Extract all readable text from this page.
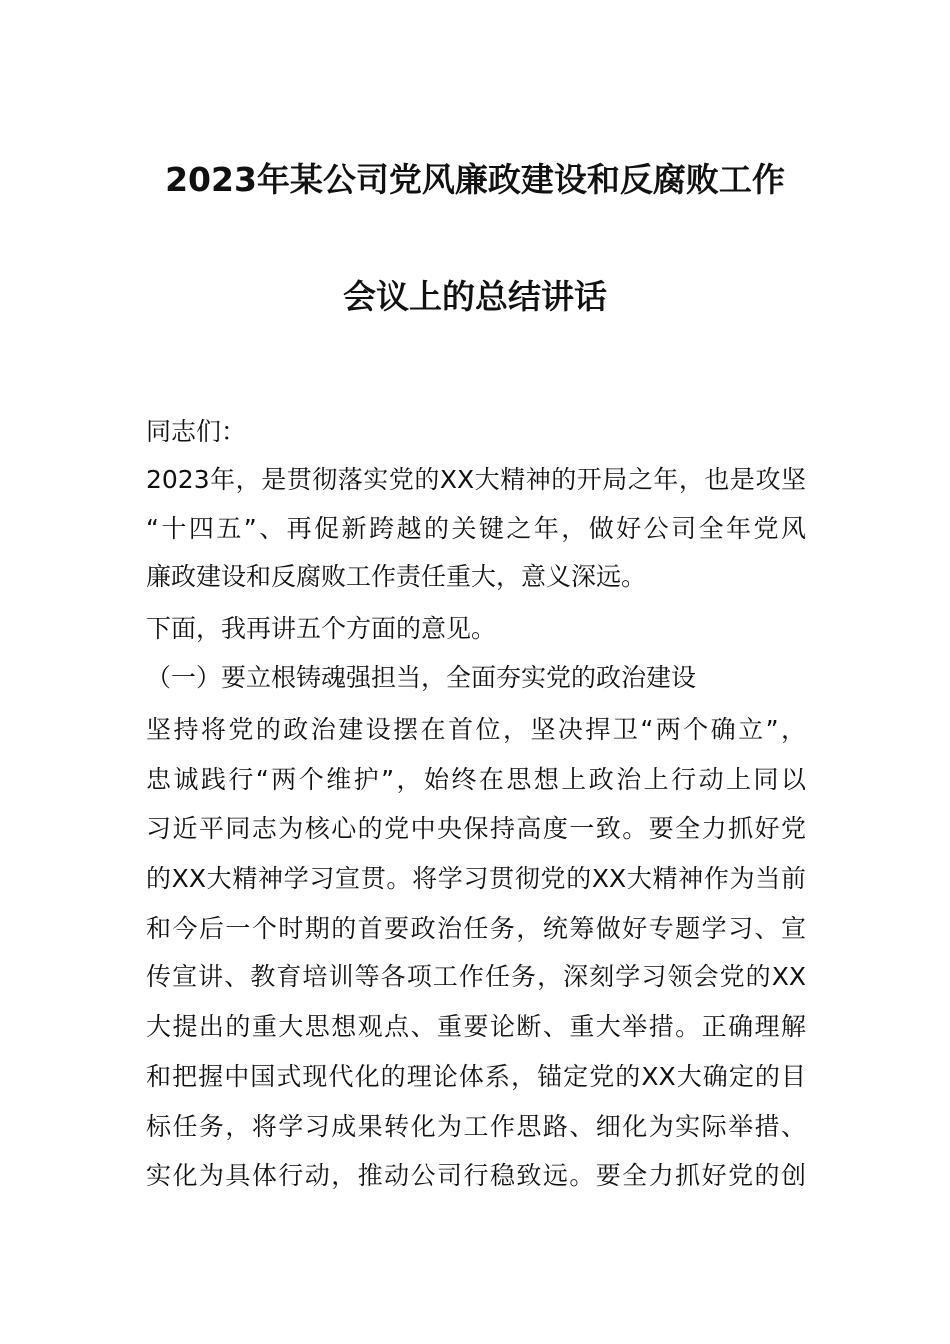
2023年某公司党风廉政建设和反腐败工作
会议上的总结讲话
同志们：
2023年，是贯彻落实党的XX大精神的开局之年，也是攻坚
“十四五”、再促新跨越的关键之年，做好公司全年党风
廉政建设和反腐败工作责任重大，意义深远。
下面，我再讲五个方面的意见。
（一）要立根铸魂强担当，全面夯实党的政治建设
坚持将党的政治建设摆在首位，坚决捍卫“两个确立”，
忠诚践行“两个维护”，始终在思想上政治上行动上同以
习近平同志为核心的党中央保持高度一致。要全力抓好党
的XX大精神学习宣贯。将学习贯彻党的XX大精神作为当前
和今后一个时期的首要政治任务，统筹做好专题学习、宣
传宣讲、教育培训等各项工作任务，深刻学习领会党的XX
大提出的重大思想观点、重要论断、重大举措。正确理解
和把握中国式现代化的理论体系，锚定党的XX大确定的目
标任务，将学习成果转化为工作思路、细化为实际举措、
实化为具体行动，推动公司行稳致远。要全力抓好党的创
